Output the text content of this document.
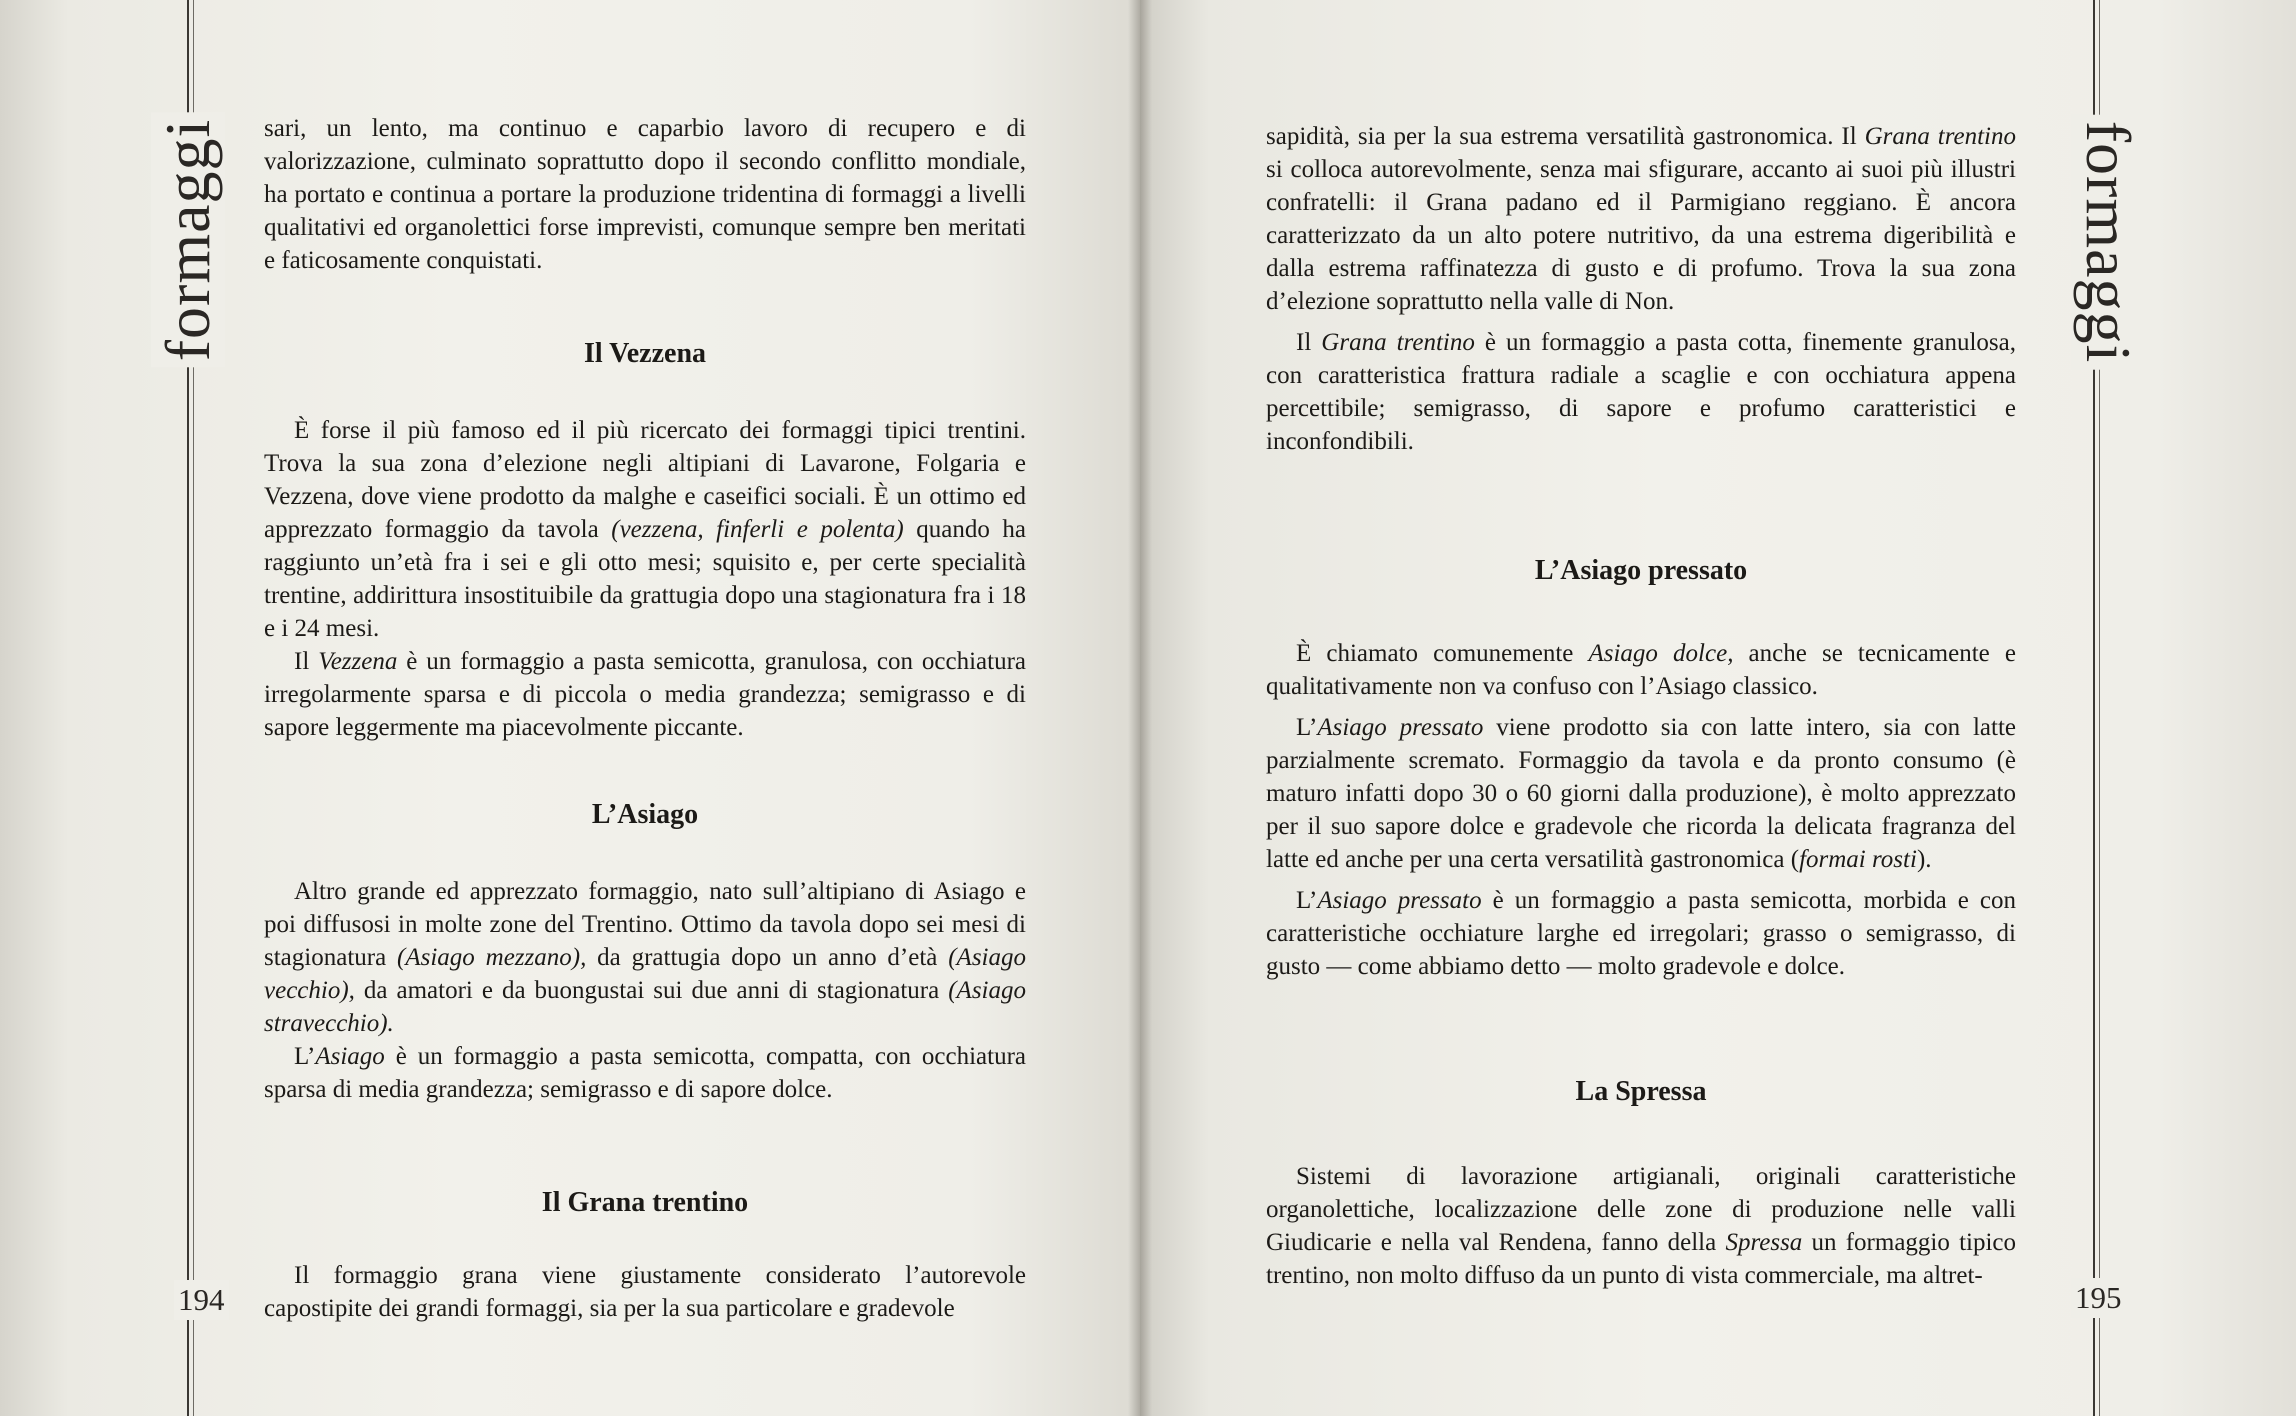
formaggi	formaggi
194	195

sari, un lento, ma continuo e caparbio lavoro di recupero e di valorizzazione, culminato soprattutto dopo il secondo conflitto mondiale, ha portato e continua a portare la produzione tridentina di formaggi a livelli qualitativi ed organolettici forse imprevisti, comunque sempre ben meritati e faticosamente conquistati.

Il Vezzena

È forse il più famoso ed il più ricercato dei formaggi tipici trentini. Trova la sua zona d’elezione negli altipiani di Lavarone, Folgaria e Vezzena, dove viene prodotto da malghe e caseifici sociali. È un ottimo ed apprezzato formaggio da tavola (vezzena, finferli e polenta) quando ha raggiunto un’età fra i sei e gli otto mesi; squisito e, per certe specialità trentine, addirittura insostituibile da grattugia dopo una stagionatura fra i 18 e i 24 mesi.

Il Vezzena è un formaggio a pasta semicotta, granulosa, con occhiatura irregolarmente sparsa e di piccola o media grandezza; semigrasso e di sapore leggermente ma piacevolmente piccante.

L’Asiago

Altro grande ed apprezzato formaggio, nato sull’altipiano di Asiago e poi diffusosi in molte zone del Trentino. Ottimo da tavola dopo sei mesi di stagionatura (Asiago mezzano), da grattugia dopo un anno d’età (Asiago vecchio), da amatori e da buongustai sui due anni di stagionatura (Asiago stravecchio).

L’Asiago è un formaggio a pasta semicotta, compatta, con occhiatura sparsa di media grandezza; semigrasso e di sapore dolce.

Il Grana trentino

Il formaggio grana viene giustamente considerato l’autorevole capostipite dei grandi formaggi, sia per la sua particolare e gradevole

sapidità, sia per la sua estrema versatilità gastronomica. Il Grana trentino si colloca autorevolmente, senza mai sfigurare, accanto ai suoi più illustri confratelli: il Grana padano ed il Parmigiano reggiano. È ancora caratterizzato da un alto potere nutritivo, da una estrema digeribilità e dalla estrema raffinatezza di gusto e di profumo. Trova la sua zona d’elezione soprattutto nella valle di Non.

Il Grana trentino è un formaggio a pasta cotta, finemente granulosa, con caratteristica frattura radiale a scaglie e con occhiatura appena percettibile; semigrasso, di sapore e profumo caratteristici e inconfondibili.

L’Asiago pressato

È chiamato comunemente Asiago dolce, anche se tecnicamente e qualitativamente non va confuso con l’Asiago classico.

L’Asiago pressato viene prodotto sia con latte intero, sia con latte parzialmente scremato. Formaggio da tavola e da pronto consumo (è maturo infatti dopo 30 o 60 giorni dalla produzione), è molto apprezzato per il suo sapore dolce e gradevole che ricorda la delicata fragranza del latte ed anche per una certa versatilità gastronomica (formai rosti).

L’Asiago pressato è un formaggio a pasta semicotta, morbida e con caratteristiche occhiature larghe ed irregolari; grasso o semigrasso, di gusto — come abbiamo detto — molto gradevole e dolce.

La Spressa

Sistemi di lavorazione artigianali, originali caratteristiche organolettiche, localizzazione delle zone di produzione nelle valli Giudicarie e nella val Rendena, fanno della Spressa un formaggio tipico trentino, non molto diffuso da un punto di vista commerciale, ma altret-
